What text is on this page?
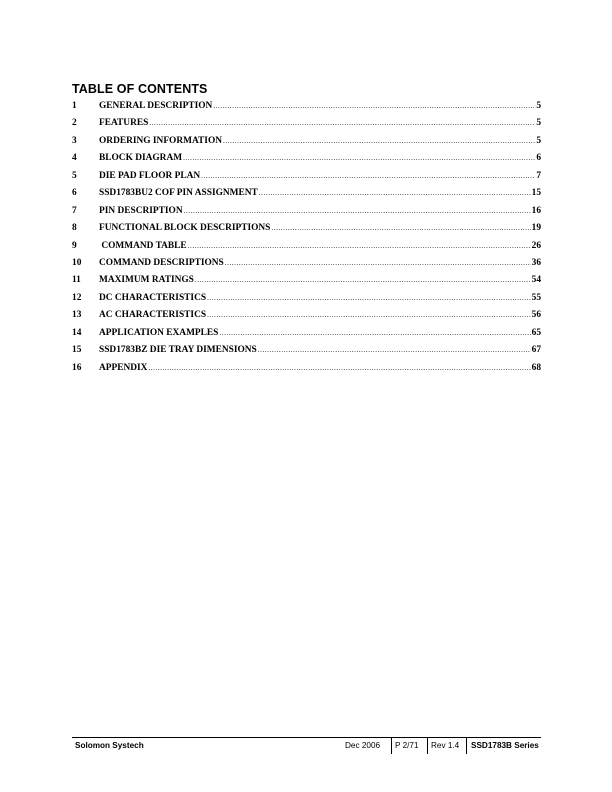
TABLE OF CONTENTS
1	GENERAL DESCRIPTION .....	5
2	FEATURES .....	5
3	ORDERING INFORMATION .....	5
4	BLOCK DIAGRAM .....	6
5	DIE PAD FLOOR PLAN .....	7
6	SSD1783BU2 COF PIN ASSIGNMENT .....	15
7	PIN DESCRIPTION .....	16
8	FUNCTIONAL BLOCK DESCRIPTIONS .....	19
9	COMMAND TABLE .....	26
10	COMMAND DESCRIPTIONS .....	36
11	MAXIMUM RATINGS .....	54
12	DC CHARACTERISTICS .....	55
13	AC CHARACTERISTICS .....	56
14	APPLICATION EXAMPLES .....	65
15	SSD1783BZ DIE TRAY DIMENSIONS .....	67
16	APPENDIX .....	68
Solomon Systech	Dec 2006 P 2/71 Rev 1.4 SSD1783B Series
